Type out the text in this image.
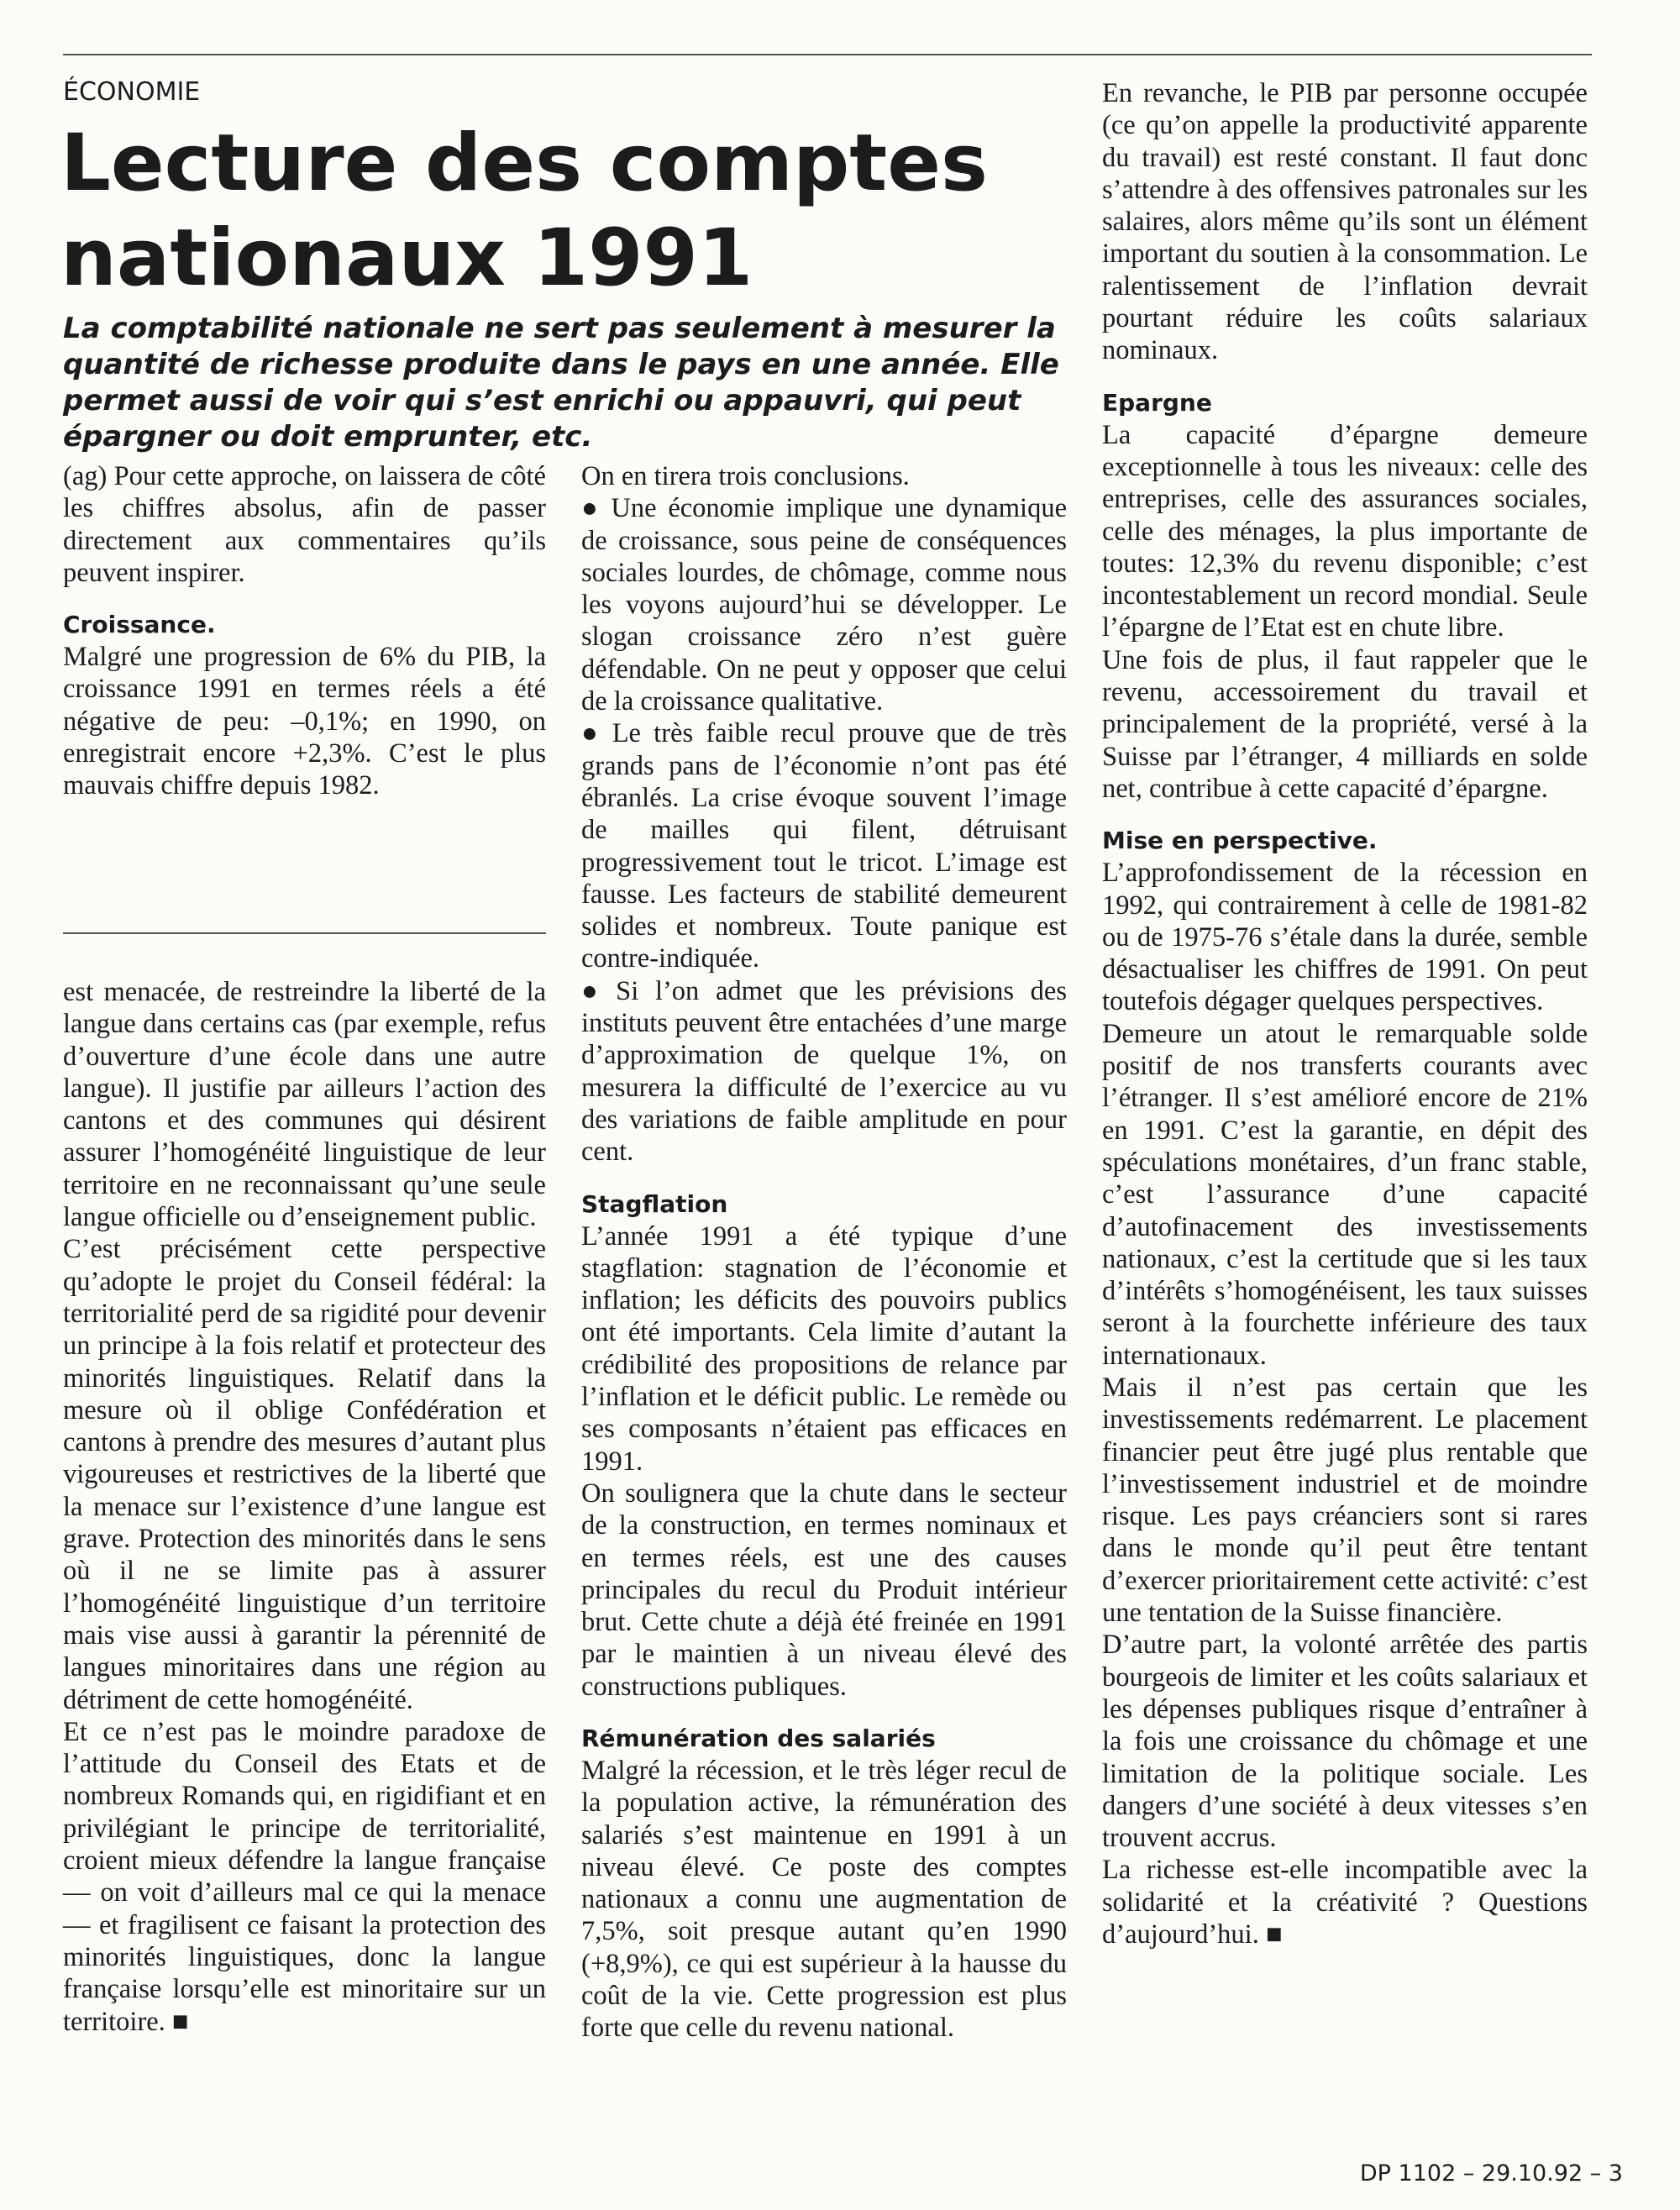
ÉCONOMIE
Lecture des comptes
nationaux 1991

La comptabilité nationale ne sert pas seulement à mesurer la quantité de richesse produite dans le pays en une année. Elle permet aussi de voir qui s’est enrichi ou appauvri, qui peut épargner ou doit emprunter, etc.

(ag) Pour cette approche, on laissera de côté les chiffres absolus, afin de passer directement aux commentaires qu’ils peuvent inspirer.

Croissance.

Malgré une progression de 6% du PIB, la croissance 1991 en termes réels a été négative de peu: –0,1%; en 1990, on enregistrait encore +2,3%. C’est le plus mauvais chiffre depuis 1982.

est menacée, de restreindre la liberté de la langue dans certains cas (par exemple, refus d’ouverture d’une école dans une autre langue). Il justifie par ailleurs l’action des cantons et des communes qui désirent assurer l’homogénéité linguistique de leur territoire en ne reconnaissant qu’une seule langue officielle ou d’enseignement public.

C’est précisément cette perspective qu’adopte le projet du Conseil fédéral: la territorialité perd de sa rigidité pour devenir un principe à la fois relatif et protecteur des minorités linguistiques. Relatif dans la mesure où il oblige Confédération et cantons à prendre des mesures d’autant plus vigoureuses et restrictives de la liberté que la menace sur l’existence d’une langue est grave. Protection des minorités dans le sens où il ne se limite pas à assurer l’homogénéité linguistique d’un territoire mais vise aussi à garantir la pérennité de langues minoritaires dans une région au détriment de cette homogénéité.

Et ce n’est pas le moindre paradoxe de l’attitude du Conseil des Etats et de nombreux Romands qui, en rigidifiant et en privilégiant le principe de territorialité, croient mieux défendre la langue française — on voit d’ailleurs mal ce qui la menace — et fragilisent ce faisant la protection des minorités linguistiques, donc la langue française lorsqu’elle est minoritaire sur un territoire. ■

On en tirera trois conclusions.

● Une économie implique une dynamique de croissance, sous peine de conséquences sociales lourdes, de chômage, comme nous les voyons aujourd’hui se développer. Le slogan croissance zéro n’est guère défendable. On ne peut y opposer que celui de la croissance qualitative.

● Le très faible recul prouve que de très grands pans de l’économie n’ont pas été ébranlés. La crise évoque souvent l’image de mailles qui filent, détruisant progressivement tout le tricot. L’image est fausse. Les facteurs de stabilité demeurent solides et nombreux. Toute panique est contre-indiquée.

● Si l’on admet que les prévisions des instituts peuvent être entachées d’une marge d’approximation de quelque 1%, on mesurera la difficulté de l’exercice au vu des variations de faible amplitude en pour cent.

Stagflation

L’année 1991 a été typique d’une stagflation: stagnation de l’économie et inflation; les déficits des pouvoirs publics ont été importants. Cela limite d’autant la crédibilité des propositions de relance par l’inflation et le déficit public. Le remède ou ses composants n’étaient pas efficaces en 1991.

On soulignera que la chute dans le secteur de la construction, en termes nominaux et en termes réels, est une des causes principales du recul du Produit intérieur brut. Cette chute a déjà été freinée en 1991 par le maintien à un niveau élevé des constructions publiques.

Rémunération des salariés

Malgré la récession, et le très léger recul de la population active, la rémunération des salariés s’est maintenue en 1991 à un niveau élevé. Ce poste des comptes nationaux a connu une augmentation de 7,5%, soit presque autant qu’en 1990 (+8,9%), ce qui est supérieur à la hausse du coût de la vie. Cette progression est plus forte que celle du revenu national.

En revanche, le PIB par personne occupée (ce qu’on appelle la productivité apparente du travail) est resté constant. Il faut donc s’attendre à des offensives patronales sur les salaires, alors même qu’ils sont un élément important du soutien à la consommation. Le ralentissement de l’inflation devrait pourtant réduire les coûts salariaux nominaux.

Epargne

La capacité d’épargne demeure exceptionnelle à tous les niveaux: celle des entreprises, celle des assurances sociales, celle des ménages, la plus importante de toutes: 12,3% du revenu disponible; c’est incontestablement un record mondial. Seule l’épargne de l’Etat est en chute libre.

Une fois de plus, il faut rappeler que le revenu, accessoirement du travail et principalement de la propriété, versé à la Suisse par l’étranger, 4 milliards en solde net, contribue à cette capacité d’épargne.

Mise en perspective.

L’approfondissement de la récession en 1992, qui contrairement à celle de 1981-82 ou de 1975-76 s’étale dans la durée, semble désactualiser les chiffres de 1991. On peut toutefois dégager quelques perspectives.

Demeure un atout le remarquable solde positif de nos transferts courants avec l’étranger. Il s’est amélioré encore de 21% en 1991. C’est la garantie, en dépit des spéculations monétaires, d’un franc stable, c’est l’assurance d’une capacité d’autofinacement des investissements nationaux, c’est la certitude que si les taux d’intérêts s’homogénéisent, les taux suisses seront à la fourchette inférieure des taux internationaux.

Mais il n’est pas certain que les investissements redémarrent. Le placement financier peut être jugé plus rentable que l’investissement industriel et de moindre risque. Les pays créanciers sont si rares dans le monde qu’il peut être tentant d’exercer prioritairement cette activité: c’est une tentation de la Suisse financière.

D’autre part, la volonté arrêtée des partis bourgeois de limiter et les coûts salariaux et les dépenses publiques risque d’entraîner à la fois une croissance du chômage et une limitation de la politique sociale. Les dangers d’une société à deux vitesses s’en trouvent accrus.

La richesse est-elle incompatible avec la solidarité et la créativité ? Questions d’aujourd’hui. ■

DP 1102 – 29.10.92 – 3
